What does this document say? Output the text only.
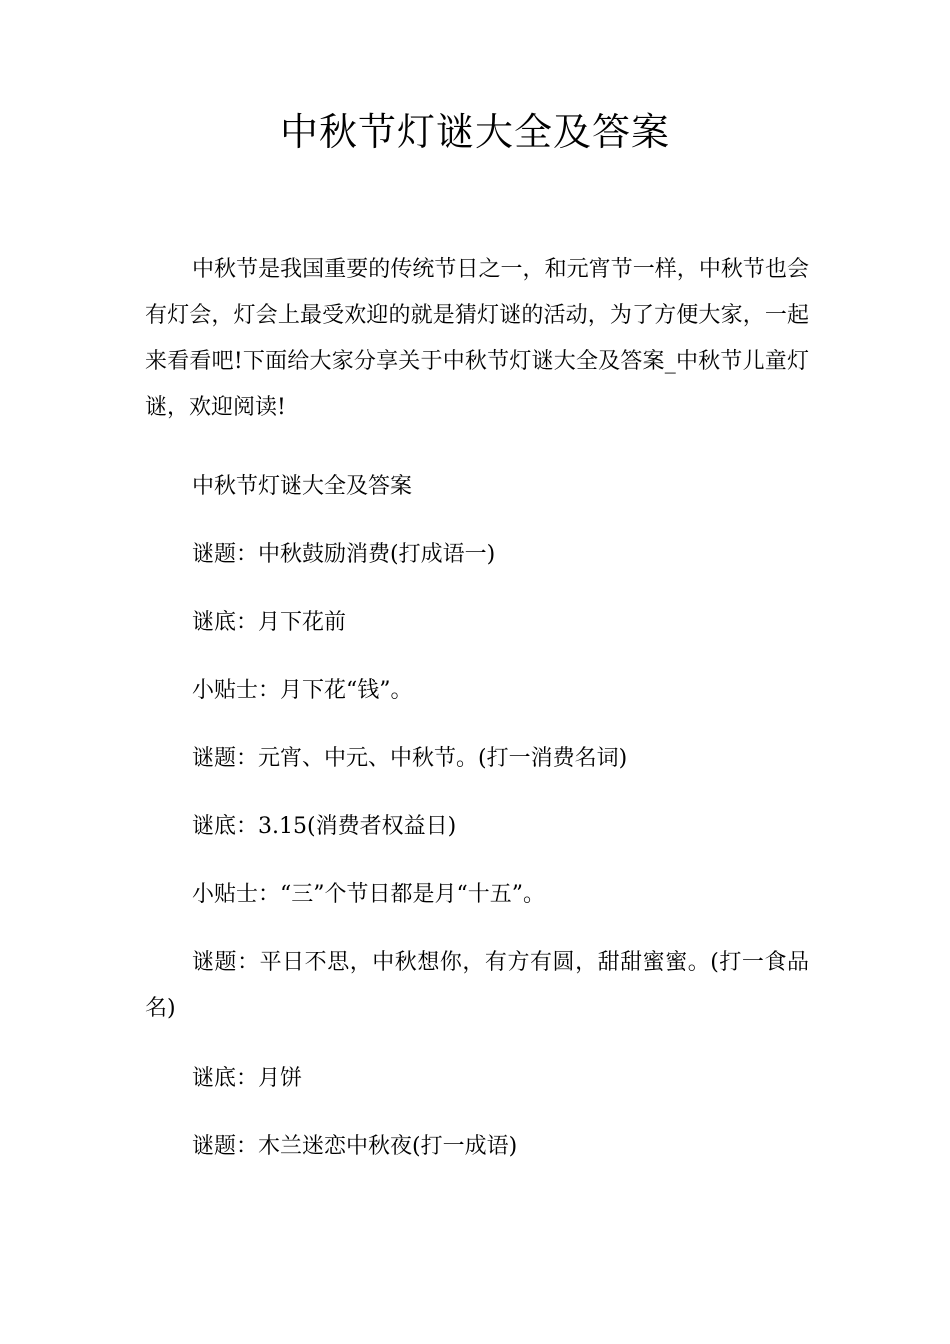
中秋节灯谜大全及答案

中秋节是我国重要的传统节日之一，和元宵节一样，中秋节也会有灯会，灯会上最受欢迎的就是猜灯谜的活动，为了方便大家，一起来看看吧!下面给大家分享关于中秋节灯谜大全及答案_中秋节儿童灯谜，欢迎阅读!

中秋节灯谜大全及答案

谜题：中秋鼓励消费(打成语一)

谜底：月下花前

小贴士：月下花“钱”。

谜题：元宵、中元、中秋节。(打一消费名词)

谜底：3.15(消费者权益日)

小贴士：“三”个节日都是月“十五”。

谜题：平日不思，中秋想你，有方有圆，甜甜蜜蜜。(打一食品名)

谜底：月饼

谜题：木兰迷恋中秋夜(打一成语)
